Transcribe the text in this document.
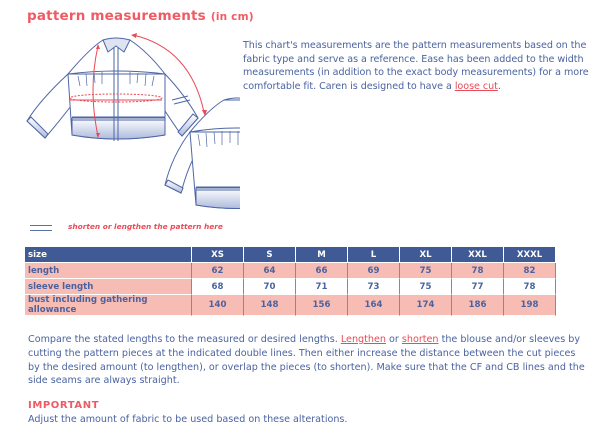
pattern measurements (in cm)
This chart's measurements are the pattern measurements based on the fabric type and serve as a reference. Ease has been added to the width measurements (in addition to the exact body measurements) for a more comfortable fit. Caren is designed to have a loose cut.
shorten or lengthen the pattern here
size	XS	S	M	L	XL	XXL	XXXL
length	62	64	66	69	75	78	82
sleeve length	68	70	71	73	75	77	78
bust including gathering allowance	140	148	156	164	174	186	198
Compare the stated lengths to the measured or desired lengths. Lengthen or shorten the blouse and/or sleeves by cutting the pattern pieces at the indicated double lines. Then either increase the distance between the cut pieces by the desired amount (to lengthen), or overlap the pieces (to shorten). Make sure that the CF and CB lines and the side seams are always straight.
IMPORTANT
Adjust the amount of fabric to be used based on these alterations.
